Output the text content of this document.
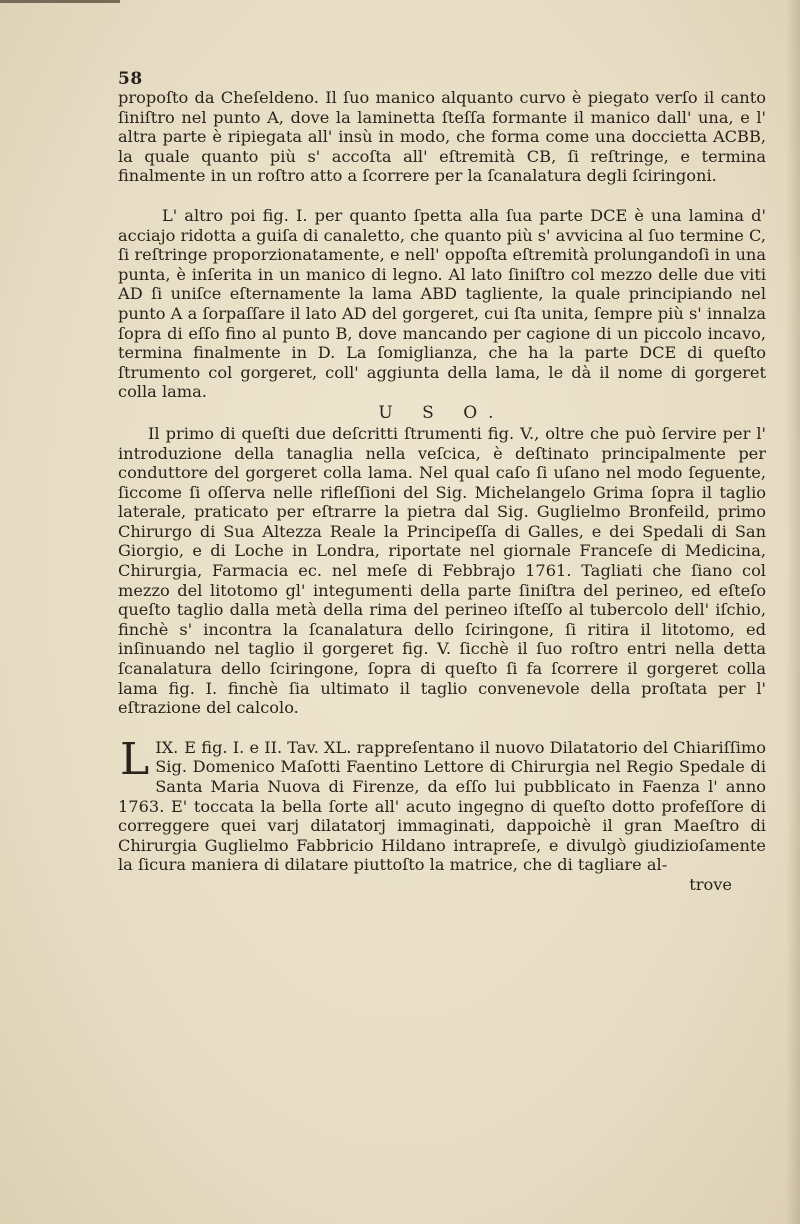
58

propoſto da Cheſeldeno. Il ſuo manico alquanto curvo è piegato verſo il canto ſiniſtro nel punto A, dove la laminetta ſteſſa formante il manico dall' una, e l' altra parte è ripiegata all' insù in modo, che forma come una doccietta ACBB, la quale quanto più s' accoſta all' eſtremità CB, ſi reſtringe, e termina finalmente in un roſtro atto a ſcorrere per la ſcanalatura degli ſciringoni.

L' altro poi fig. I. per quanto ſpetta alla ſua parte DCE è una lamina d' acciajo ridotta a guiſa di canaletto, che quanto più s' avvicina al ſuo termine C, ſi reſtringe proporzionatamente, e nell' oppoſta eſtremità prolungandoſi in una punta, è inſerita in un manico di legno. Al lato ſiniſtro col mezzo delle due viti AD ſi uniſce eſternamente la lama ABD tagliente, la quale principiando nel punto A a ſorpaſſare il lato AD del gorgeret, cui ſta unita, ſempre più s' innalza ſopra di eſſo fino al punto B, dove mancando per cagione di un piccolo incavo, termina finalmente in D. La ſomiglianza, che ha la parte DCE di queſto ſtrumento col gorgeret, coll' aggiunta della lama, le dà il nome di gorgeret colla lama.

U S O.

Il primo di queſti due deſcritti ſtrumenti fig. V., oltre che può ſervire per l' introduzione della tanaglia nella veſcica, è deſtinato principalmente per conduttore del gorgeret colla lama. Nel qual caſo ſi uſano nel modo ſeguente, ſiccome ſi oſſerva nelle rifleſſioni del Sig. Michelangelo Grima ſopra il taglio laterale, praticato per eſtrarre la pietra dal Sig. Guglielmo Bronfeild, primo Chirurgo di Sua Altezza Reale la Principeſſa di Galles, e dei Spedali di San Giorgio, e di Loche in Londra, riportate nel giornale Franceſe di Medicina, Chirurgia, Farmacia ec. nel meſe di Febbrajo 1761. Tagliati che ſiano col mezzo del litotomo gl' integumenti della parte ſiniſtra del perineo, ed eſteſo queſto taglio dalla metà della rima del perineo iſteſſo al tubercolo dell' iſchio, finchè s' incontra la ſcanalatura dello ſciringone, ſi ritira il litotomo, ed inſinuando nel taglio il gorgeret fig. V. ſicchè il ſuo roſtro entri nella detta ſcanalatura dello ſciringone, ſopra di queſto ſi fa ſcorrere il gorgeret colla lama fig. I. finchè ſia ultimato il taglio convenevole della proſtata per l' eſtrazione del calcolo.

IX.
L E fig. I. e II. Tav. XL. rappreſentano il nuovo Dilatatorio del Chiariſſimo Sig. Domenico Maſotti Faentino Lettore di Chirurgia nel Regio Spedale di Santa Maria Nuova di Firenze, da eſſo lui pubblicato in Faenza l' anno 1763. E' toccata la bella ſorte all' acuto ingegno di queſto dotto profeſſore di correggere quei varj dilatatorj immaginati, dappoichè il gran Maeſtro di Chirurgia Guglielmo Fabbricio Hildano intrapreſe, e divulgò giudizioſamente la ſicura maniera di dilatare piuttoſto la matrice, che di tagliare al-

trove
